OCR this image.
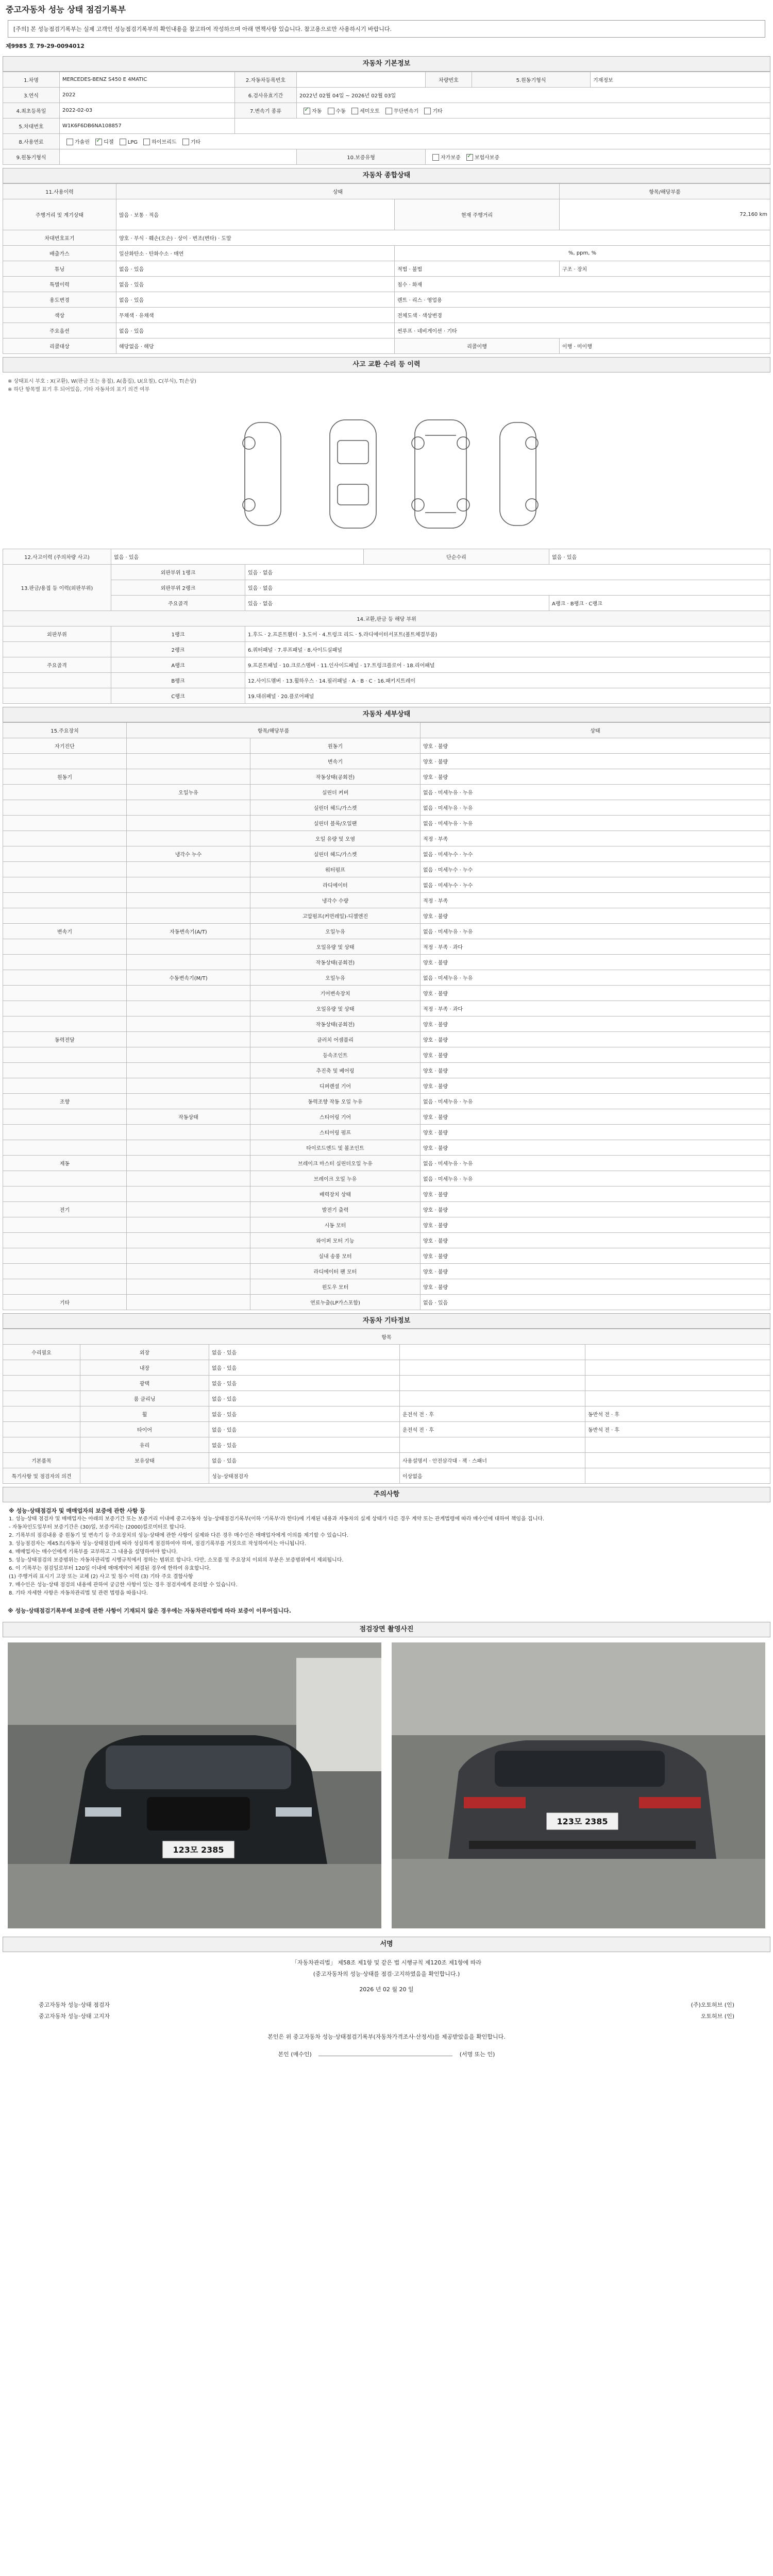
중고자동차 성능 상태 점검기록부
[주의] 본 성능점검기록부는 실제 고객인 성능점검기록부의 확인내용을 참고하여 작성하으며 아래 면책사항 있습니다. 참고용으로만 사용하시기 바랍니다.
제9985 호 79-29-0094012
자동차 기본정보
1.차명	MERCEDES-BENZ S450 E 4MATIC	2.자동차등록번호		차량번호	5.원동기형식	기재정보
3.연식	2022	6.검사유효기간	2022년 02월 04일 ~ 2026년 02월 03일			
4.최초등록일	2022-02-03	7.변속기 종류	✓자동 수동 세미오토 무단변속기 기타
5.차대번호	W1K6F6DB6NA108857					
8.사용연료	가솔린 ✓ 디젤 LPG 하이브리드 기타
9.원동기형식			10.보증유형	자가보증 ✓ 보험사보증
자동차 종합상태
11.사용이력	상태		항목/해당부품
주행거리 및 계기상태	많음 · 보통 · 적음	현재 주행거리	72,160 km
차대번호표기	양호 · 부식 · 훼손(오손) · 상이 · 변조(변타) · 도말		
배출가스	일산화탄소 · 탄화수소 · 매연	%, ppm, %	
튜닝	없음 · 있음	적법 · 불법	구조 · 장치
특별이력	없음 · 있음	침수 · 화재	
용도변경	없음 · 있음	렌트 · 리스 · 영업용	
색상	무채색 · 유채색	전체도색 · 색상변경	
주요옵션	없음 · 있음	썬루프 · 네비게이션 · 기타	
리콜대상	해당없음 · 해당	리콜이행	이행 · 미이행
사고 교환 수리 등 이력
※ 상태표시 부호 : X(교환), W(판금 또는 용접), A(흠집), U(요철), C(부식), T(손상)
※ 하단 항목별 표기 후 되어있음, 기타 자동차의 표기 의견 여부
12.사고이력 (주의차량 사고)	없음 · 있음		단순수리	없음 · 있음
13.판금/용접 등 이력(외판부위)	외판부위 1랭크	있음 · 없음		
	외판부위 2랭크	있음 · 없음		
	주요골격	있음 · 없음		A랭크 · B랭크 · C랭크
14.교환,판금 등 해당 부위				
외판부위	1랭크	1.후드 · 2.프론트휀더 · 3.도어 · 4.트렁크 리드 · 5.라디에이터서포트(볼트체결부품)		
	2랭크	6.쿼터패널 · 7.루프패널 · 8.사이드실패널		
주요골격	A랭크	9.프론트패널 · 10.크로스멤버 · 11.인사이드패널 · 17.트렁크플로어 · 18.리어패널		
	B랭크	12.사이드멤버 · 13.휠하우스 · 14.필러패널 · A · B · C · 16.패키지트레이		
	C랭크	19.대쉬패널 · 20.플로어패널		
자동차 세부상태
15.주요장치	항목/해당부품		상태
자기진단		원동기	양호 · 불량
		변속기	양호 · 불량
원동기		작동상태(공회전)	양호 · 불량
	오일누유	실린더 커버	없음 · 미세누유 · 누유
		실린더 헤드/가스켓	없음 · 미세누유 · 누유
		실린더 블록/오일팬	없음 · 미세누유 · 누유
		오일 유량 및 오염	적정 · 부족
	냉각수 누수	실린더 헤드/가스켓	없음 · 미세누수 · 누수
		워터펌프	없음 · 미세누수 · 누수
		라디에이터	없음 · 미세누수 · 누수
		냉각수 수량	적정 · 부족
		고압펌프(커먼레일)-디젤엔진	양호 · 불량
변속기	자동변속기(A/T)	오일누유	없음 · 미세누유 · 누유
		오일유량 및 상태	적정 · 부족 · 과다
		작동상태(공회전)	양호 · 불량
	수동변속기(M/T)	오일누유	없음 · 미세누유 · 누유
		기어변속장치	양호 · 불량
		오일유량 및 상태	적정 · 부족 · 과다
		작동상태(공회전)	양호 · 불량
동력전달		클러치 어셈블리	양호 · 불량
		등속조인트	양호 · 불량
		추진축 및 베어링	양호 · 불량
		디퍼렌셜 기어	양호 · 불량
조향		동력조향 작동 오일 누유	없음 · 미세누유 · 누유
	작동상태	스티어링 기어	양호 · 불량
		스티어링 펌프	양호 · 불량
		타이로드엔드 및 볼조인트	양호 · 불량
제동		브레이크 마스터 실린더오일 누유	없음 · 미세누유 · 누유
		브레이크 오일 누유	없음 · 미세누유 · 누유
		배력장치 상태	양호 · 불량
전기		발전기 출력	양호 · 불량
		시동 모터	양호 · 불량
		와이퍼 모터 기능	양호 · 불량
		실내 송풍 모터	양호 · 불량
		라디에이터 팬 모터	양호 · 불량
		윈도우 모터	양호 · 불량
기타		연료누출(LP가스포함)	없음 · 있음
자동차 기타정보
항목				
수리필요	외장	없음 · 있음		
	내장	없음 · 있음		
	광택	없음 · 있음		
	룸 클리닝	없음 · 있음		
	휠	없음 · 있음	운전석 전 · 후	동반석 전 · 후
	타이어	없음 · 있음	운전석 전 · 후	동반석 전 · 후
	유리	없음 · 있음		
기본품목	보유상태	없음 · 있음	사용설명서 · 안전삼각대 · 잭 · 스패너	
특기사항 및 점검자의 의견		성능·상태점검자	이상없음	
주의사항

※ 성능·상태점검자 및 매매업자의 보증에 관한 사항 등

1. 성능·상태 점검자 및 매매업자는 아래의 보증기간 또는 보증거리 이내에 중고자동차 성능·상태점검기록부(이하 '기록부'라 한다)에 기재된 내용과 자동차의 실제 상태가 다른 경우 계약 또는 관계법령에 따라 매수인에 대하여 책임을 집니다.

- 자동차인도일부터 보증기간은 (30)일, 보증거리는 (2000)킬로미터로 합니다.

2. 기록부의 점검내용 중 원동기 및 변속기 등 주요장치의 성능·상태에 관한 사항이 실제와 다른 경우 매수인은 매매업자에게 이의를 제기할 수 있습니다.

3. 성능점검자는 제45조(자동차 성능·상태점검)에 따라 성실하게 점검하여야 하며, 점검기록부를 거짓으로 작성하여서는 아니됩니다.

4. 매매업자는 매수인에게 기록부를 교부하고 그 내용을 설명하여야 합니다.

5. 성능·상태점검의 보증범위는 자동차관리법 시행규칙에서 정하는 범위로 합니다. 다만, 소모품 및 주요장치 이외의 부분은 보증범위에서 제외됩니다.

6. 이 기록부는 점검일로부터 120일 이내에 매매계약이 체결된 경우에 한하여 유효합니다.

(1) 주행거리 표시기 고장 또는 교체 (2) 사고 및 침수 이력 (3) 기타 주요 결함사항

7. 매수인은 성능·상태 점검의 내용에 관하여 궁금한 사항이 있는 경우 점검자에게 문의할 수 있습니다.

8. 기타 자세한 사항은 자동차관리법 및 관련 법령을 따릅니다.

※ 성능·상태점검기록부에 보증에 관한 사항이 기재되지 않은 경우에는 자동차관리법에 따라 보증이 이루어집니다.
점검장면 촬영사진
123모 2385
123모 2385
서명
「자동차관리법」 제58조 제1항 및 같은 법 시행규칙 제120조 제1항에 따라
(중고자동차의 성능·상태를 점검·고지하였음을 확인합니다.)
2026 년 02 월 20 일
중고자동차 성능·상태 점검자	(주)오토허브 (인)
중고자동차 성능·상태 고지자	오토허브 (인)
본인은 위 중고자동차 성능·상태점검기록부(자동차가격조사·산정서)를 제공받았음을 확인합니다.
본인 (매수인)	(서명 또는 인)
